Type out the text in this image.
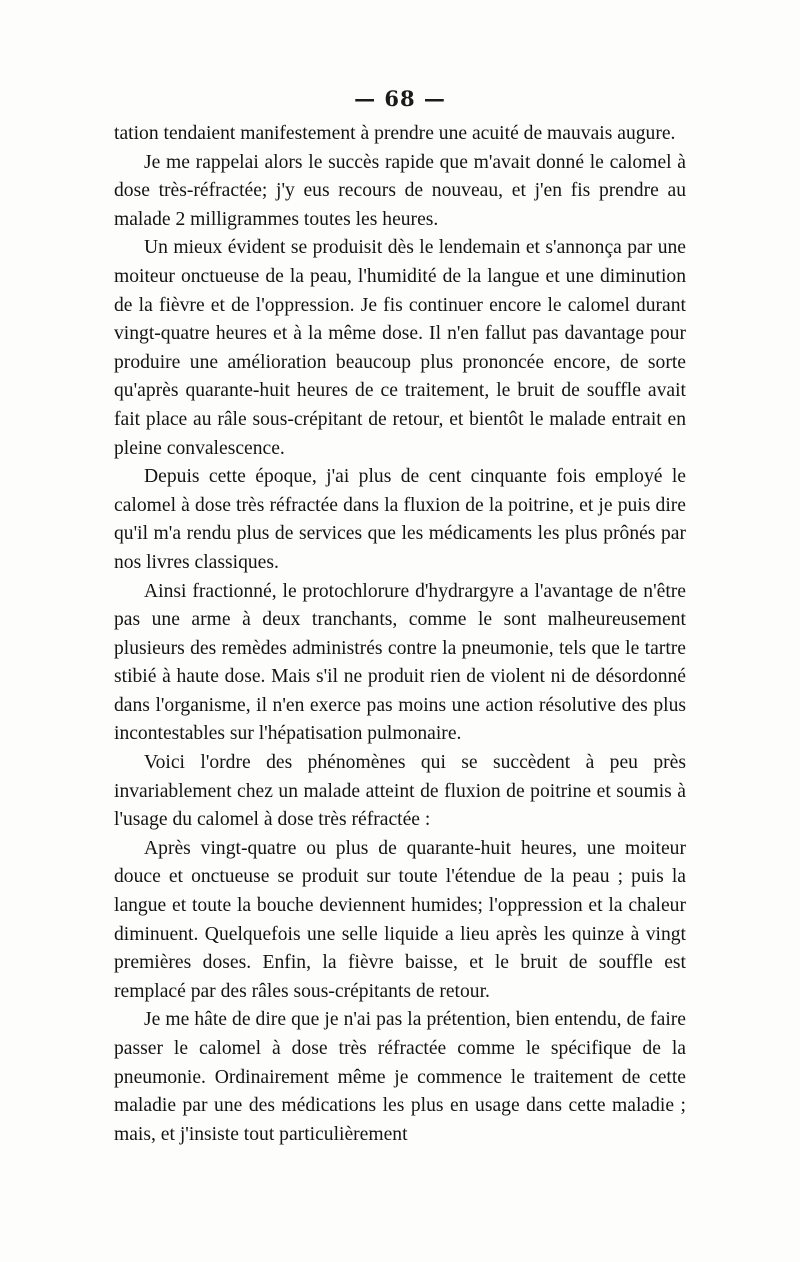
— 68 —

tation tendaient manifestement à prendre une acuité de mauvais augure.

Je me rappelai alors le succès rapide que m'avait donné le calomel à dose très-réfractée; j'y eus recours de nouveau, et j'en fis prendre au malade 2 milligrammes toutes les heures.

Un mieux évident se produisit dès le lendemain et s'annonça par une moiteur onctueuse de la peau, l'humidité de la langue et une diminution de la fièvre et de l'oppression. Je fis continuer encore le calomel durant vingt-quatre heures et à la même dose. Il n'en fallut pas davantage pour produire une amélioration beaucoup plus prononcée encore, de sorte qu'après quarante-huit heures de ce traitement, le bruit de souffle avait fait place au râle sous-crépitant de retour, et bientôt le malade entrait en pleine convalescence.

Depuis cette époque, j'ai plus de cent cinquante fois employé le calomel à dose très réfractée dans la fluxion de la poitrine, et je puis dire qu'il m'a rendu plus de services que les médicaments les plus prônés par nos livres classiques.

Ainsi fractionné, le protochlorure d'hydrargyre a l'avantage de n'être pas une arme à deux tranchants, comme le sont malheureusement plusieurs des remèdes administrés contre la pneumonie, tels que le tartre stibié à haute dose. Mais s'il ne produit rien de violent ni de désordonné dans l'organisme, il n'en exerce pas moins une action résolutive des plus incontestables sur l'hépatisation pulmonaire.

Voici l'ordre des phénomènes qui se succèdent à peu près invariablement chez un malade atteint de fluxion de poitrine et soumis à l'usage du calomel à dose très réfractée :

Après vingt-quatre ou plus de quarante-huit heures, une moiteur douce et onctueuse se produit sur toute l'étendue de la peau ; puis la langue et toute la bouche deviennent humides; l'oppression et la chaleur diminuent. Quelquefois une selle liquide a lieu après les quinze à vingt premières doses. Enfin, la fièvre baisse, et le bruit de souffle est remplacé par des râles sous-crépitants de retour.

Je me hâte de dire que je n'ai pas la prétention, bien entendu, de faire passer le calomel à dose très réfractée comme le spécifique de la pneumonie. Ordinairement même je commence le traitement de cette maladie par une des médications les plus en usage dans cette maladie ; mais, et j'insiste tout particulièrement
